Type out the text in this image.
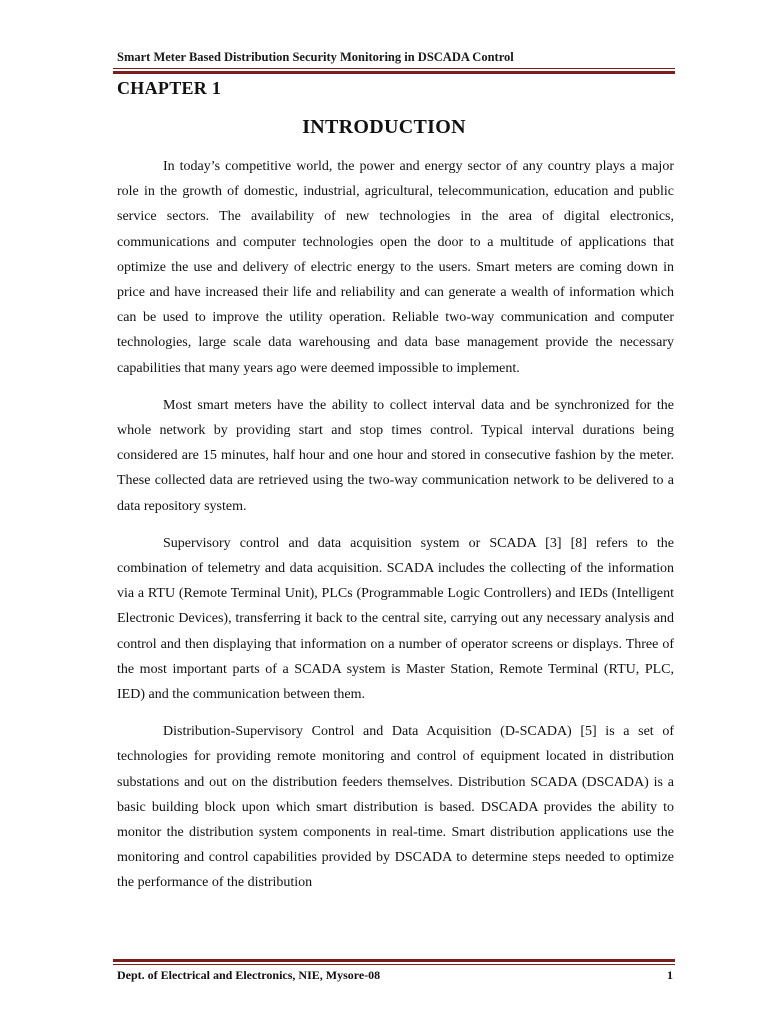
Smart Meter Based Distribution Security Monitoring in DSCADA Control
CHAPTER 1
INTRODUCTION

In today’s competitive world, the power and energy sector of any country plays a major role in the growth of domestic, industrial, agricultural, telecommunication, education and public service sectors. The availability of new technologies in the area of digital electronics, communications and computer technologies open the door to a multitude of applications that optimize the use and delivery of electric energy to the users. Smart meters are coming down in price and have increased their life and reliability and can generate a wealth of information which can be used to improve the utility operation. Reliable two-way communication and computer technologies, large scale data warehousing and data base management provide the necessary capabilities that many years ago were deemed impossible to implement.

Most smart meters have the ability to collect interval data and be synchronized for the whole network by providing start and stop times control. Typical interval durations being considered are 15 minutes, half hour and one hour and stored in consecutive fashion by the meter. These collected data are retrieved using the two-way communication network to be delivered to a data repository system.

Supervisory control and data acquisition system or SCADA [3] [8] refers to the combination of telemetry and data acquisition. SCADA includes the collecting of the information via a RTU (Remote Terminal Unit), PLCs (Programmable Logic Controllers) and IEDs (Intelligent Electronic Devices), transferring it back to the central site, carrying out any necessary analysis and control and then displaying that information on a number of operator screens or displays. Three of the most important parts of a SCADA system is Master Station, Remote Terminal (RTU, PLC, IED) and the communication between them.

Distribution-Supervisory Control and Data Acquisition (D-SCADA) [5] is a set of technologies for providing remote monitoring and control of equipment located in distribution substations and out on the distribution feeders themselves. Distribution SCADA (DSCADA) is a basic building block upon which smart distribution is based. DSCADA provides the ability to monitor the distribution system components in real-time. Smart distribution applications use the monitoring and control capabilities provided by DSCADA to determine steps needed to optimize the performance of the distribution

Dept. of Electrical and Electronics, NIE, Mysore-08	1
